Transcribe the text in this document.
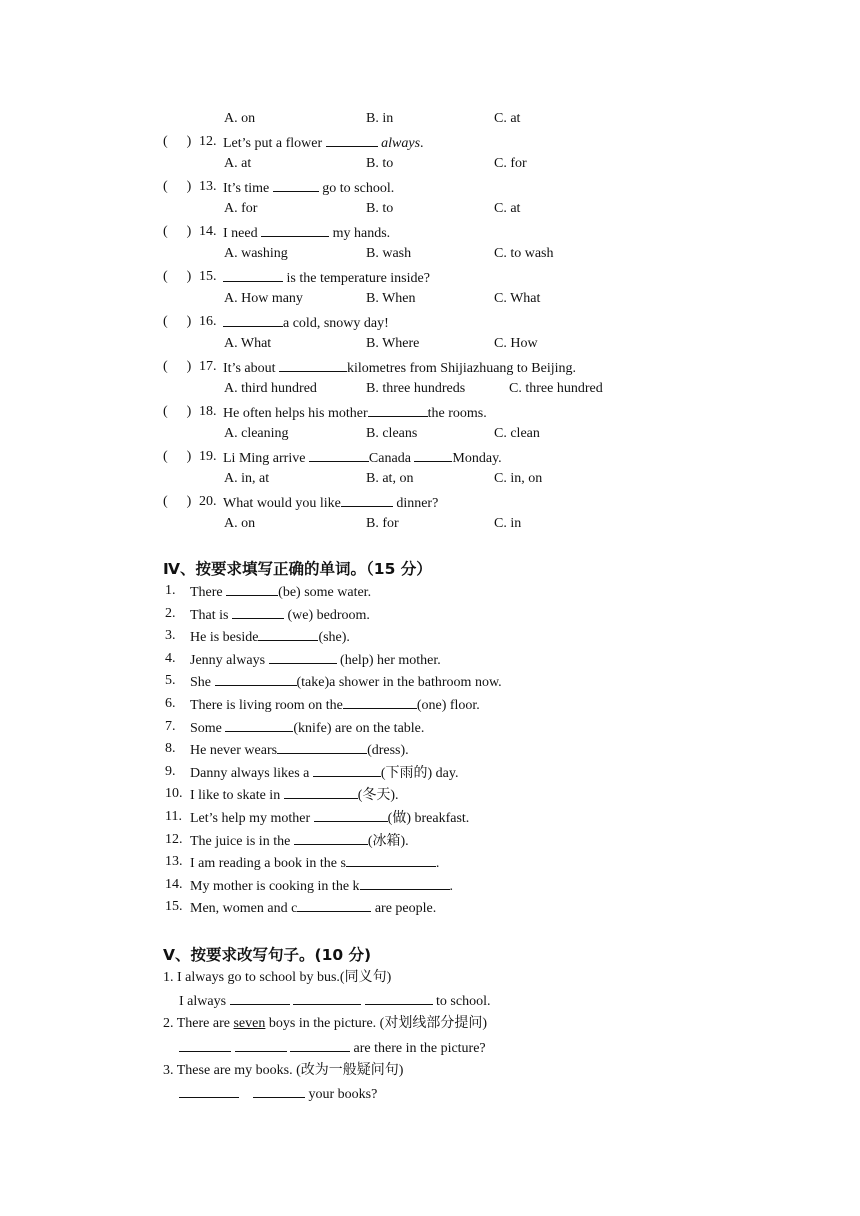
A. on	B. in	C. at
( ) 12. Let’s put a flower	always.
A. at	B. to	C. for
( ) 13. It’s time	go to school.
A. for	B. to	C. at
( ) 14. I need	my hands.
A. washing	B. wash	C. to wash
( ) 15.	is the temperature inside?
A. How many	B. When	C. What
( ) 16.	a cold, snowy day!
A. What	B. Where	C. How
( ) 17. It’s about	kilometres from Shijiazhuang to Beijing.
A. third hundred	B. three hundreds	C. three hundred
( ) 18. He often helps his mother	the rooms.
A. cleaning	B. cleans	C. clean
( ) 19. Li Ming arrive	Canada	Monday.
A. in, at	B. at, on	C. in, on
( ) 20. What would you like	dinner?
A. on	B. for	C. in
Ⅳ、按要求填写正确的单词。（15 分）
1. There	(be) some water.
2. That is	(we) bedroom.
3. He is beside	(she).
4. Jenny always	(help) her mother.
5. She	(take)a shower in the bathroom now.
6. There is living room on the	(one) floor.
7. Some	(knife) are on the table.
8. He never wears	(dress).
9. Danny always likes a	(下雨的) day.
10. I like to skate in	(冬天).
11. Let’s help my mother	(做) breakfast.
12. The juice is in the	(冰箱).
13. I am reading a book in the s	.
14. My mother is cooking in the k	.
15. Men, women and c	are people.
Ⅴ、按要求改写句子。(10 分)
1. I always go to school by bus.(同义句)
I always	to school.
2. There are seven boys in the picture. (对划线部分提问)
are there in the picture?
3. These are my books. (改为一般疑问句)
your books?
